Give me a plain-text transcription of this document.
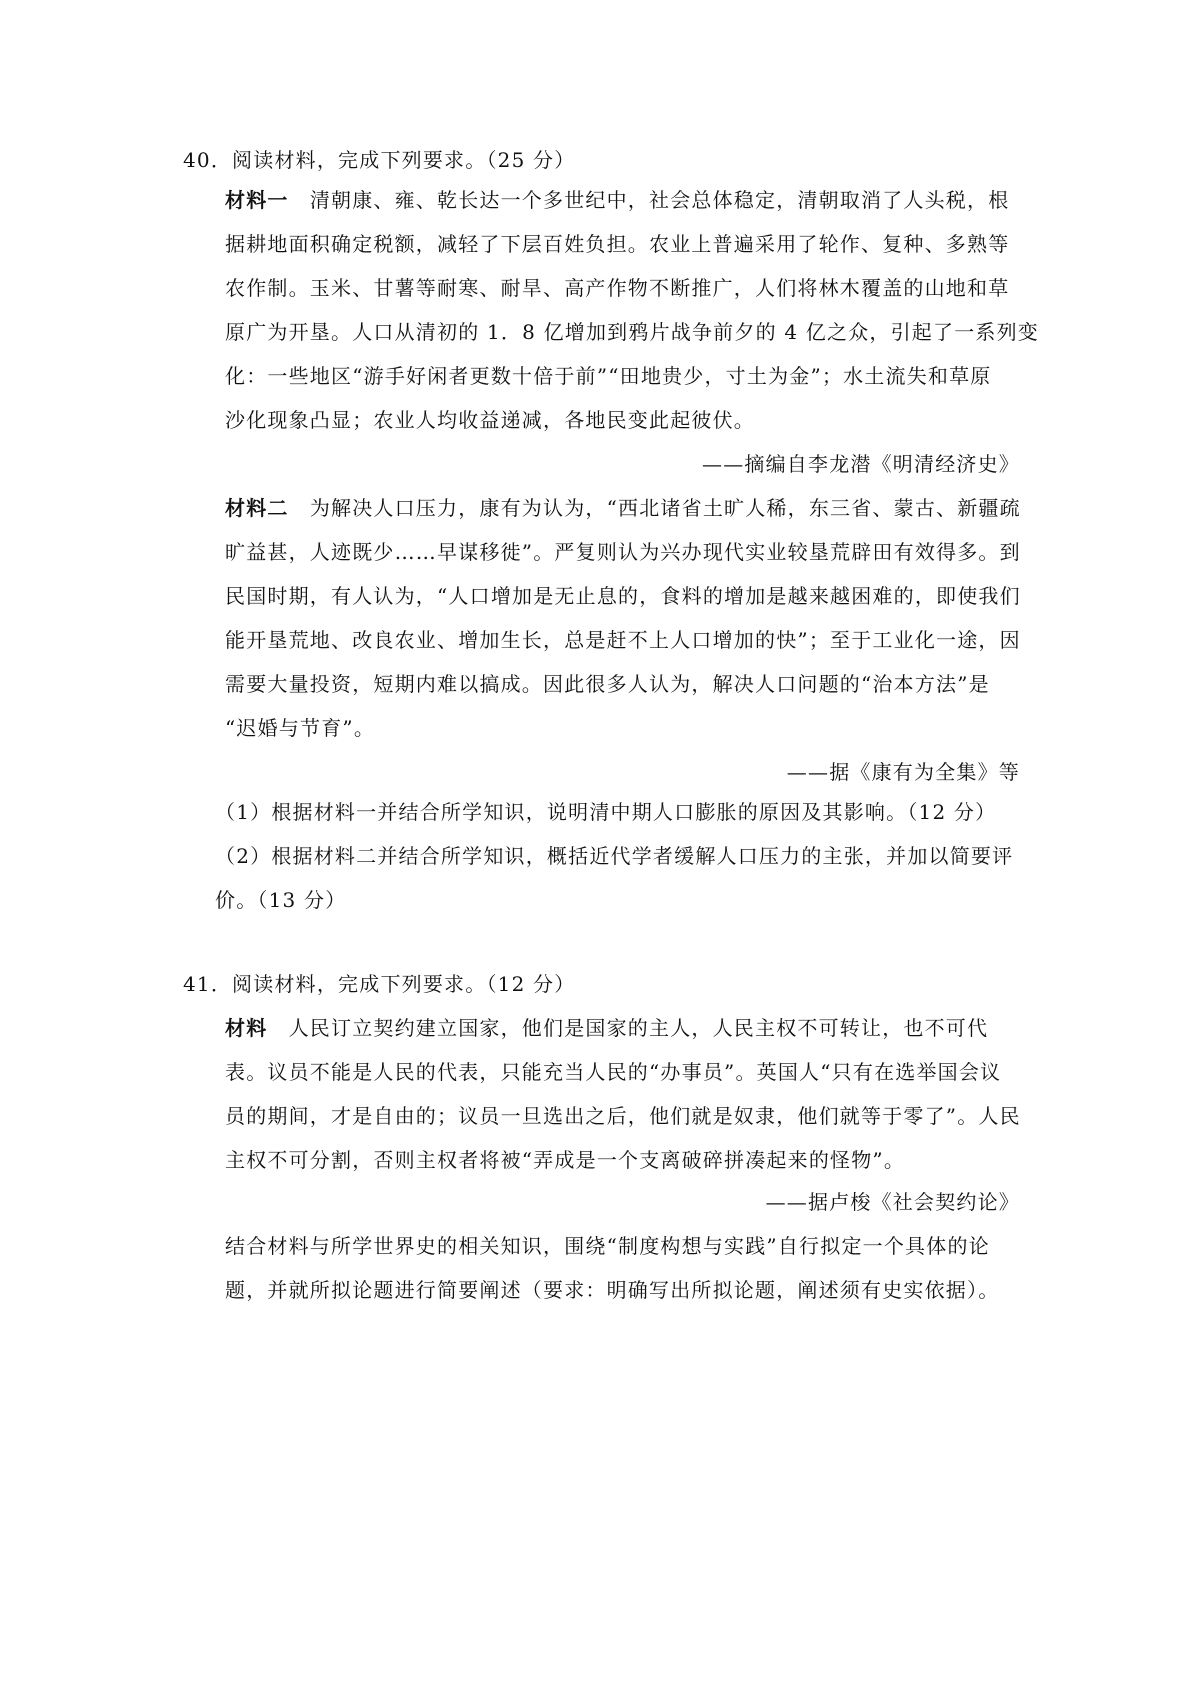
40．阅读材料，完成下列要求。（25 分）

材料一　 清朝康、雍、乾长达一个多世纪中，社会总体稳定，清朝取消了人头税，根

据耕地面积确定税额，减轻了下层百姓负担。农业上普遍采用了轮作、复种、多熟等

农作制。玉米、甘薯等耐寒、耐旱、高产作物不断推广，人们将林木覆盖的山地和草

原广为开垦。人口从清初的 1．8 亿增加到鸦片战争前夕的 4 亿之众，引起了一系列变

化：一些地区“游手好闲者更数十倍于前”“田地贵少，寸土为金”；水土流失和草原

沙化现象凸显；农业人均收益递减，各地民变此起彼伏。

——摘编自李龙潜《明清经济史》

材料二　 为解决人口压力，康有为认为，“西北诸省土旷人稀，东三省、蒙古、新疆疏

旷益甚，人迹既少……早谋移徙”。严复则认为兴办现代实业较垦荒辟田有效得多。到

民国时期，有人认为，“人口增加是无止息的，食料的增加是越来越困难的，即使我们

能开垦荒地、改良农业、增加生长，总是赶不上人口增加的快”；至于工业化一途，因

需要大量投资，短期内难以搞成。因此很多人认为，解决人口问题的“治本方法”是

“迟婚与节育”。

——据《康有为全集》等

（1）根据材料一并结合所学知识，说明清中期人口膨胀的原因及其影响。（12 分）

（2）根据材料二并结合所学知识，概括近代学者缓解人口压力的主张，并加以简要评

价。（13 分）

41．阅读材料，完成下列要求。（12 分）

材料　 人民订立契约建立国家，他们是国家的主人，人民主权不可转让，也不可代

表。议员不能是人民的代表，只能充当人民的“办事员”。英国人“只有在选举国会议

员的期间，才是自由的；议员一旦选出之后，他们就是奴隶，他们就等于零了”。人民

主权不可分割，否则主权者将被“弄成是一个支离破碎拼凑起来的怪物”。

——据卢梭《社会契约论》

结合材料与所学世界史的相关知识，围绕“制度构想与实践”自行拟定一个具体的论

题，并就所拟论题进行简要阐述（要求：明确写出所拟论题，阐述须有史实依据）。
